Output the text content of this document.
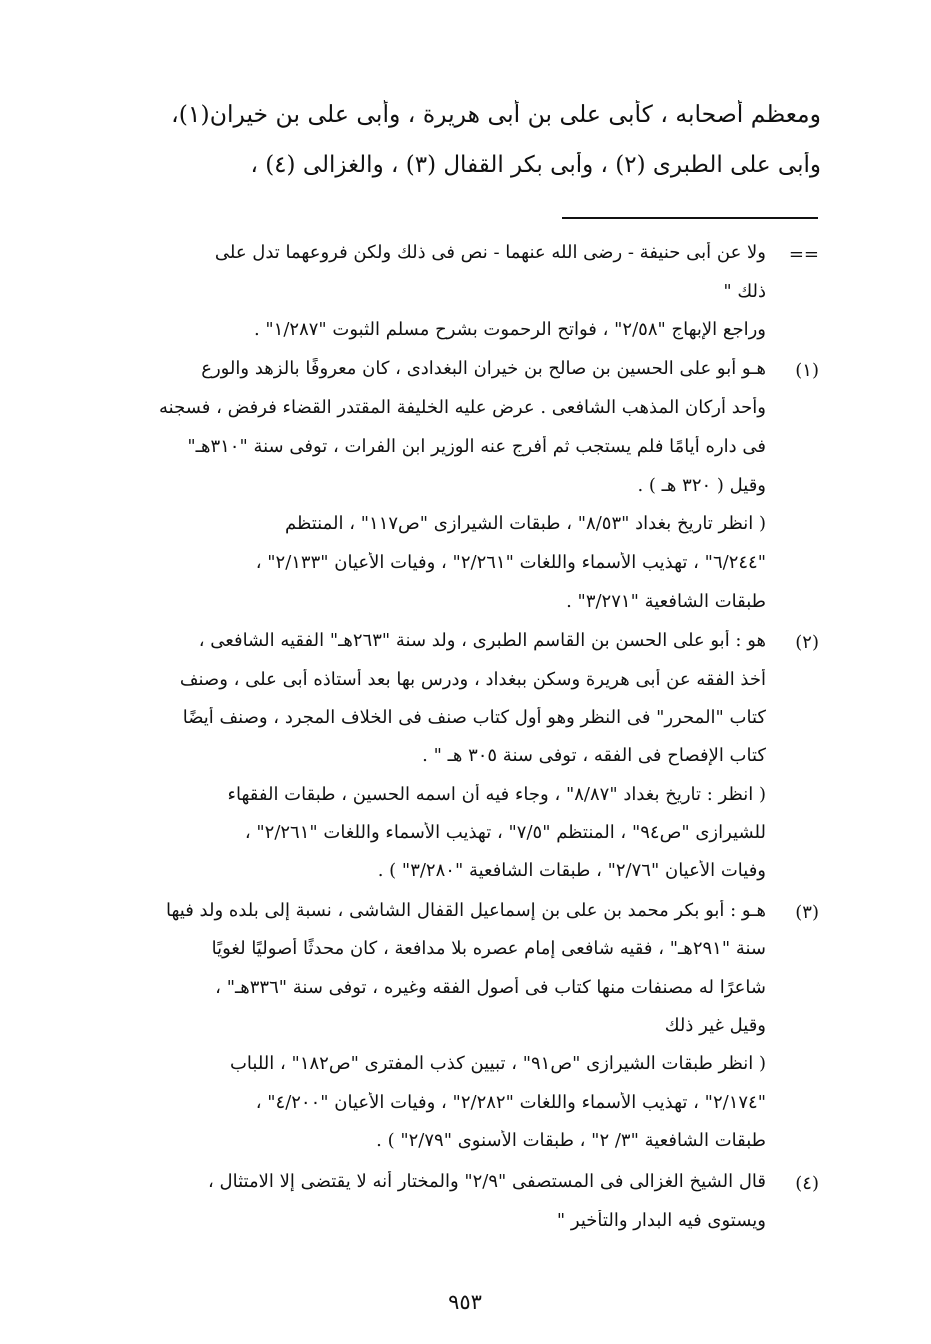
ومعظم أصحابه ، كأبى على بن أبى هريرة ، وأبى على بن خيران(١)،
وأبى على الطبرى (٢) ، وأبى بكر القفال (٣) ، والغزالى (٤) ،
==
ولا عن أبى حنيفة - رضى الله عنهما - نص فى ذلك ولكن فروعهما تدل على
ذلك "
وراجع الإبهاج "٢/٥٨" ، فواتح الرحموت بشرح مسلم الثبوت "١/٢٨٧" .
(١)
هـو أبو على الحسين بن صالح بن خيران البغدادى ، كان معروفًا بالزهد والورع
وأحد أركان المذهب الشافعى . عرض عليه الخليفة المقتدر القضاء فرفض ، فسجنه
فى داره أيامًا فلم يستجب ثم أفرج عنه الوزير ابن الفرات ، توفى سنة "٣١٠هـ"
وقيل ( ٣٢٠ هـ ) .
( انظر تاريخ بغداد "٨/٥٣" ، طبقات الشيرازى "ص١١٧" ، المنتظم
"٦/٢٤٤" ، تهذيب الأسماء واللغات "٢/٢٦١" ، وفيات الأعيان "٢/١٣٣" ،
طبقات الشافعية "٣/٢٧١" .
(٢)
هو : أبو على الحسن بن القاسم الطبرى ، ولد سنة "٢٦٣هـ" الفقيه الشافعى ،
أخذ الفقه عن أبى هريرة وسكن ببغداد ، ودرس بها بعد أستاذه أبى على ، وصنف
كتاب "المحرر" فى النظر وهو أول كتاب صنف فى الخلاف المجرد ، وصنف أيضًا
كتاب الإفصاح فى الفقه ، توفى سنة ٣٠٥ هـ " .
( انظر : تاريخ بغداد "٨/٨٧" ، وجاء فيه أن اسمه الحسين ، طبقات الفقهاء
للشيرازى "ص٩٤" ، المنتظم "٧/٥" ، تهذيب الأسماء واللغات "٢/٢٦١" ،
وفيات الأعيان "٢/٧٦" ، طبقات الشافعية "٣/٢٨٠" ) .
(٣)
هـو : أبو بكر محمد بن على بن إسماعيل القفال الشاشى ، نسبة إلى بلده ولد فيها
سنة "٢٩١هـ" ، فقيه شافعى إمام عصره بلا مدافعة ، كان محدثًا أصوليًا لغويًا
شاعرًا له مصنفات منها كتاب فى أصول الفقه وغيره ، توفى سنة "٣٣٦هـ" ،
وقيل غير ذلك
( انظر طبقات الشيرازى "ص٩١" ، تبيين كذب المفترى "ص١٨٢" ، اللباب
"٢/١٧٤" ، تهذيب الأسماء واللغات "٢/٢٨٢" ، وفيات الأعيان "٤/٢٠٠" ،
طبقات الشافعية "٣/ ٢" ، طبقات الأسنوى "٢/٧٩" ) .
(٤)
قال الشيخ الغزالى فى المستصفى "٢/٩" والمختار أنه لا يقتضى إلا الامتثال ،
ويستوى فيه البدار والتأخير "
٩٥٣
